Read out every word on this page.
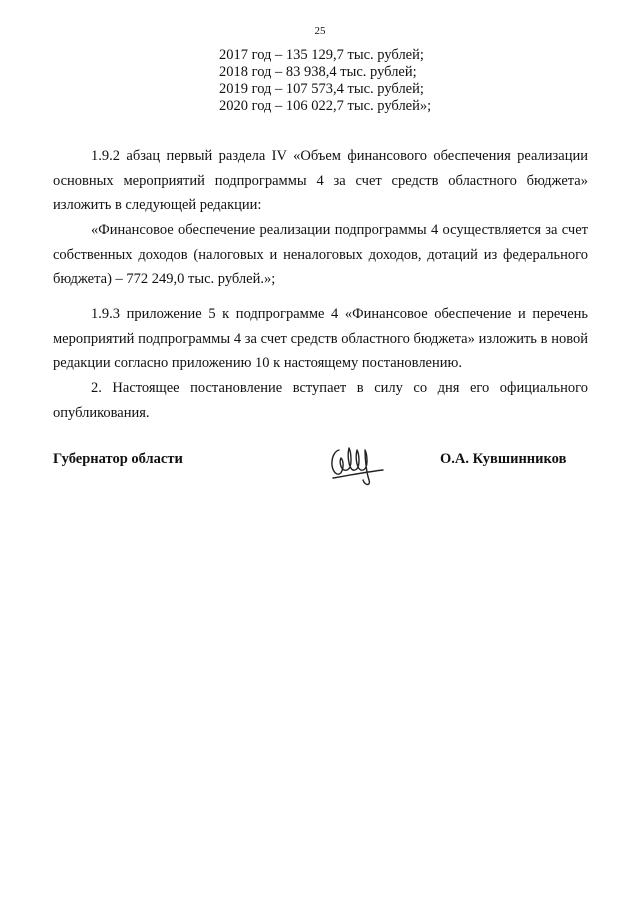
25
2017 год – 135 129,7 тыс. рублей;
2018 год – 83 938,4 тыс. рублей;
2019 год – 107 573,4 тыс. рублей;
2020 год – 106 022,7 тыс. рублей»;
1.9.2 абзац первый раздела IV «Объем финансового обеспечения реализации основных мероприятий подпрограммы 4 за счет средств областного бюджета» изложить в следующей редакции:
«Финансовое обеспечение реализации подпрограммы 4 осуществляется за счет собственных доходов (налоговых и неналоговых доходов, дотаций из федерального бюджета) – 772 249,0 тыс. рублей.»;
1.9.3 приложение 5 к подпрограмме 4 «Финансовое обеспечение и перечень мероприятий подпрограммы 4 за счет средств областного бюджета» изложить в новой редакции согласно приложению 10 к настоящему постановлению.
2. Настоящее постановление вступает в силу со дня его официального опубликования.
Губернатор области	О.А. Кувшинников
